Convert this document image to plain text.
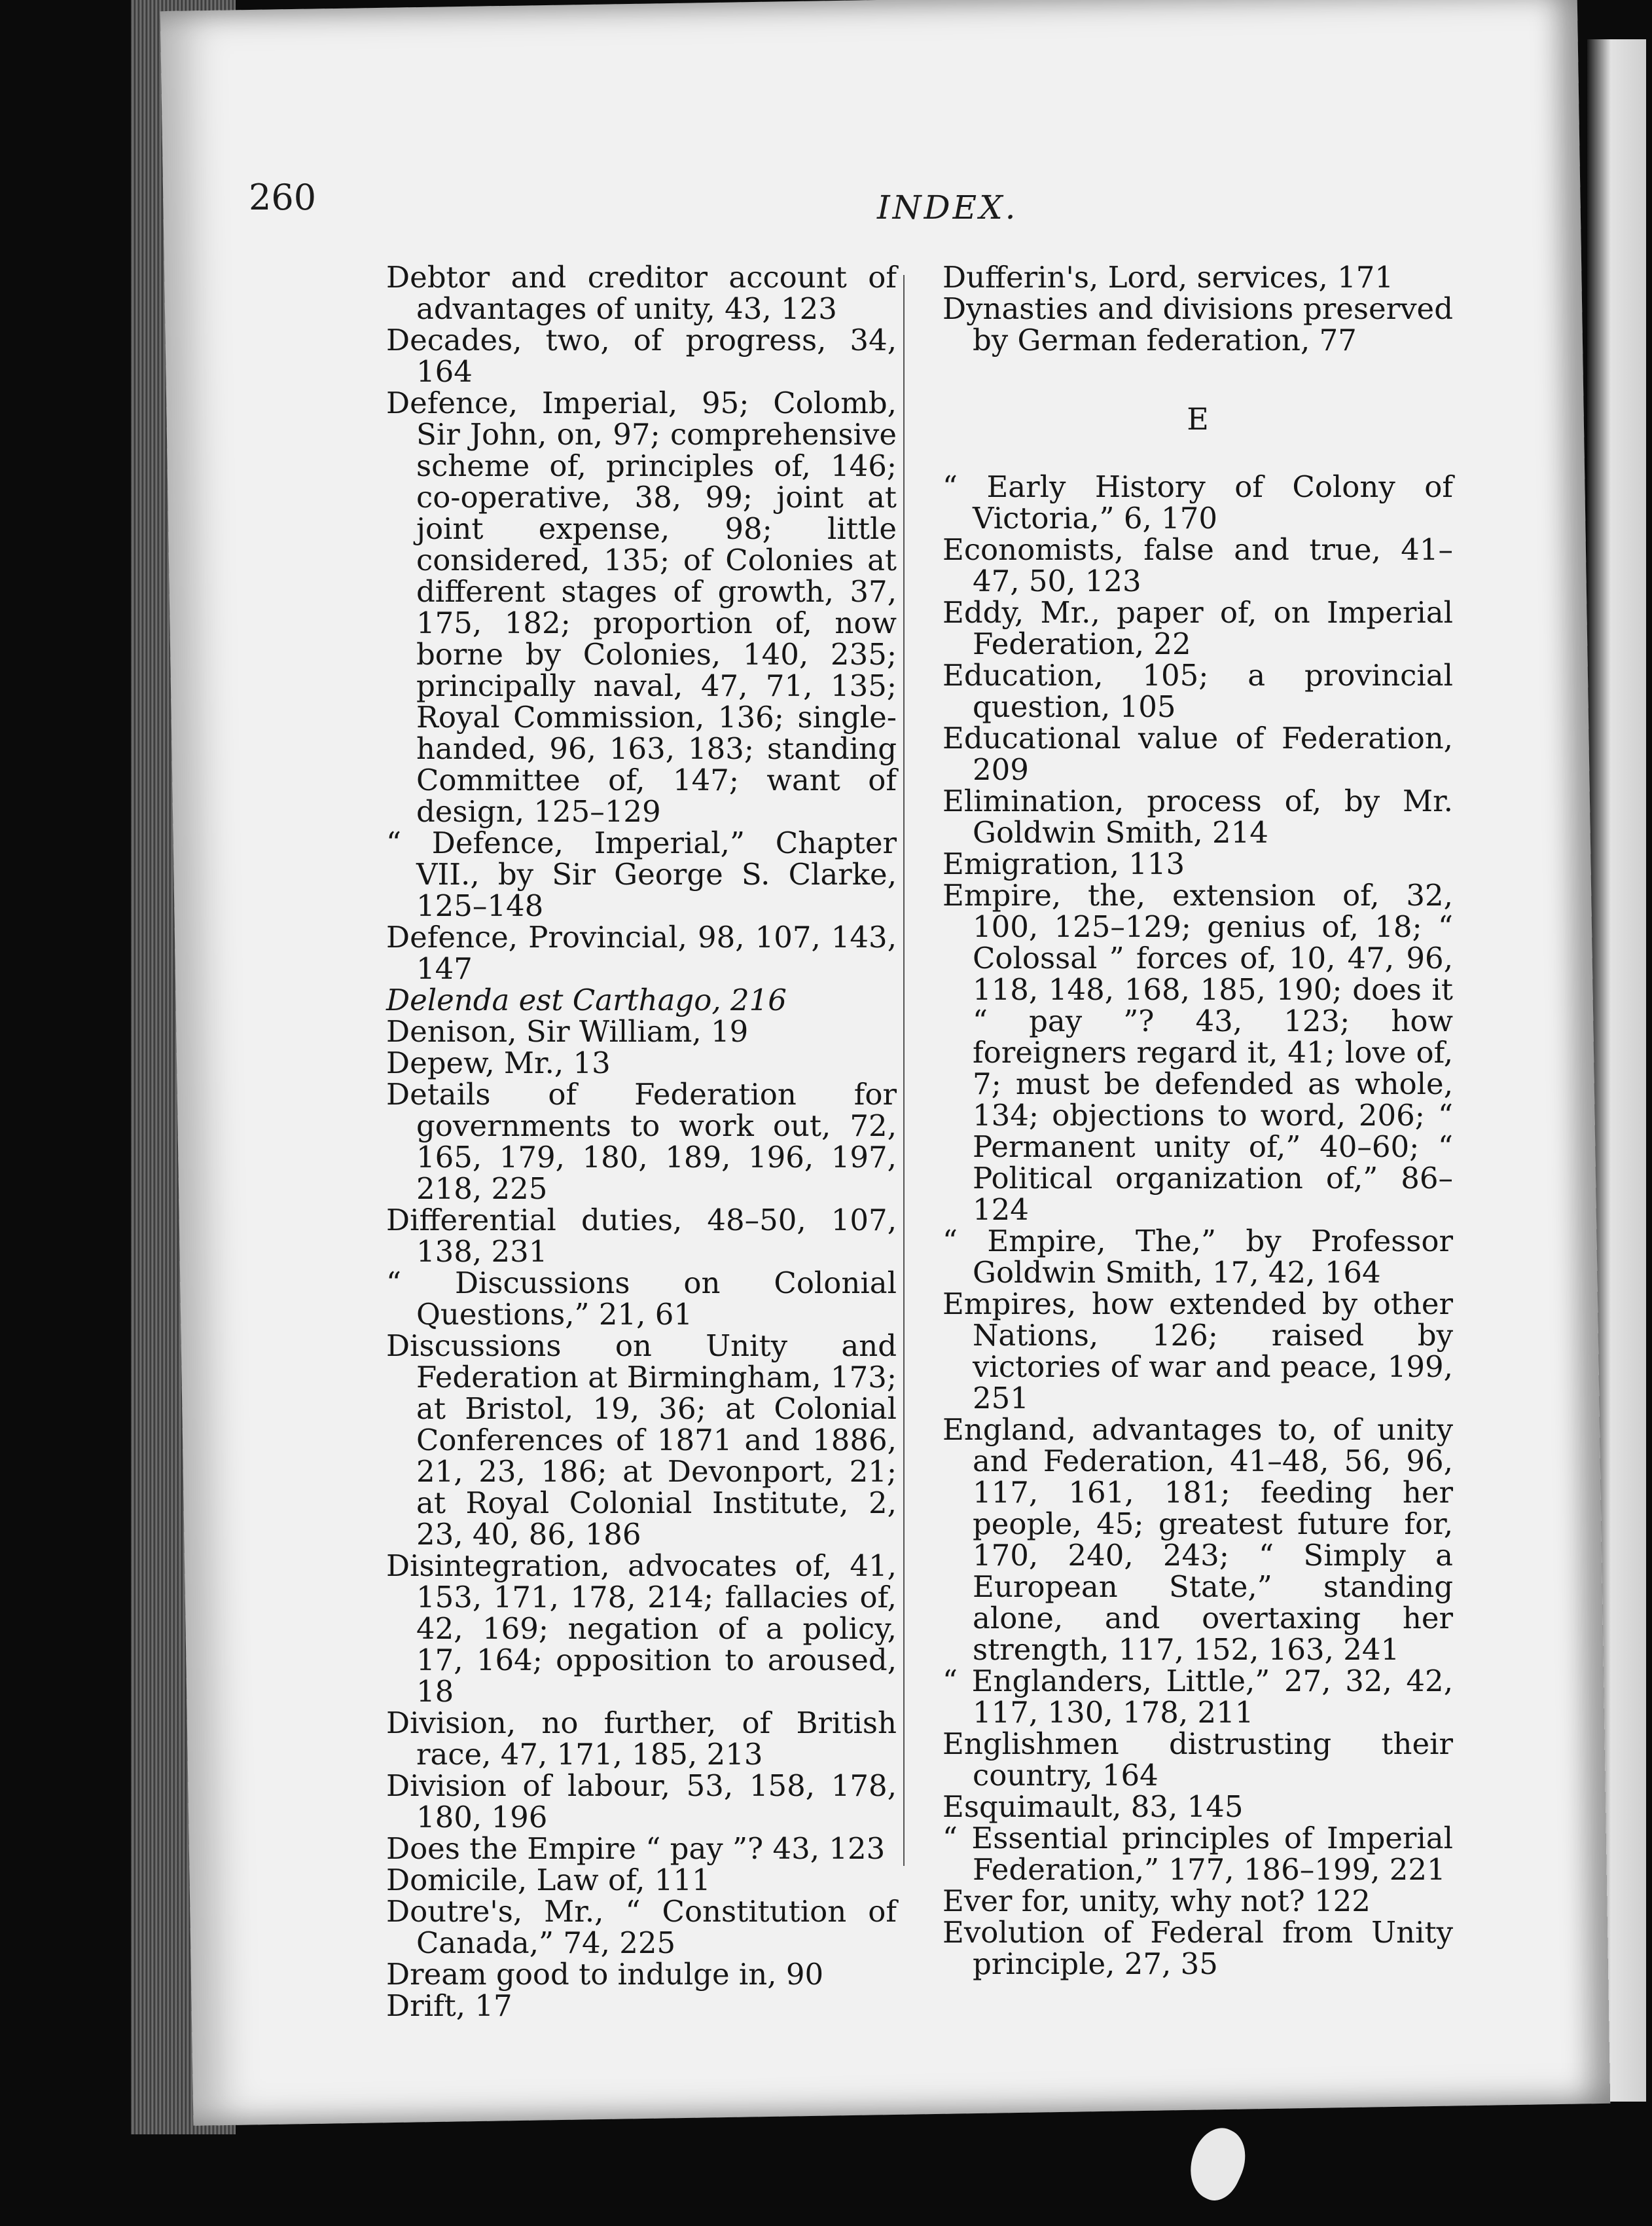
260	INDEX.

Debtor and creditor account of advantages of unity, 43, 123

Decades, two, of progress, 34, 164

Defence, Imperial, 95; Colomb, Sir John, on, 97; comprehensive scheme of, principles of, 146; co-operative, 38, 99; joint at joint expense, 98; little considered, 135; of Colonies at different stages of growth, 37, 175, 182; proportion of, now borne by Colonies, 140, 235; principally naval, 47, 71, 135; Royal Commission, 136; single-handed, 96, 163, 183; standing Committee of, 147; want of design, 125–129

“ Defence, Imperial,” Chapter VII., by Sir George S. Clarke, 125–148

Defence, Provincial, 98, 107, 143, 147

Delenda est Carthago, 216

Denison, Sir William, 19

Depew, Mr., 13

Details of Federation for governments to work out, 72, 165, 179, 180, 189, 196, 197, 218, 225

Differential duties, 48–50, 107, 138, 231

“ Discussions on Colonial Questions,” 21, 61

Discussions on Unity and Federation at Birmingham, 173; at Bristol, 19, 36; at Colonial Conferences of 1871 and 1886, 21, 23, 186; at Devonport, 21; at Royal Colonial Institute, 2, 23, 40, 86, 186

Disintegration, advocates of, 41, 153, 171, 178, 214; fallacies of, 42, 169; negation of a policy, 17, 164; opposition to aroused, 18

Division, no further, of British race, 47, 171, 185, 213

Division of labour, 53, 158, 178, 180, 196

Does the Empire “ pay ”? 43, 123

Domicile, Law of, 111

Doutre's, Mr., “ Constitution of Canada,” 74, 225

Dream good to indulge in, 90

Drift, 17

Dufferin's, Lord, services, 171

Dynasties and divisions preserved by German federation, 77

E

“ Early History of Colony of Victoria,” 6, 170

Economists, false and true, 41–47, 50, 123

Eddy, Mr., paper of, on Imperial Federation, 22

Education, 105; a provincial question, 105

Educational value of Federation, 209

Elimination, process of, by Mr. Goldwin Smith, 214

Emigration, 113

Empire, the, extension of, 32, 100, 125–129; genius of, 18; “ Colossal ” forces of, 10, 47, 96, 118, 148, 168, 185, 190; does it “ pay ”? 43, 123; how foreigners regard it, 41; love of, 7; must be defended as whole, 134; objections to word, 206; “ Permanent unity of,” 40–60; “ Political organization of,” 86–124

“ Empire, The,” by Professor Goldwin Smith, 17, 42, 164

Empires, how extended by other Nations, 126; raised by victories of war and peace, 199, 251

England, advantages to, of unity and Federation, 41–48, 56, 96, 117, 161, 181; feeding her people, 45; greatest future for, 170, 240, 243; “ Simply a European State,” standing alone, and overtaxing her strength, 117, 152, 163, 241

“ Englanders, Little,” 27, 32, 42, 117, 130, 178, 211

Englishmen distrusting their country, 164

Esquimault, 83, 145

“ Essential principles of Imperial Federation,” 177, 186–199, 221

Ever for, unity, why not? 122

Evolution of Federal from Unity principle, 27, 35
